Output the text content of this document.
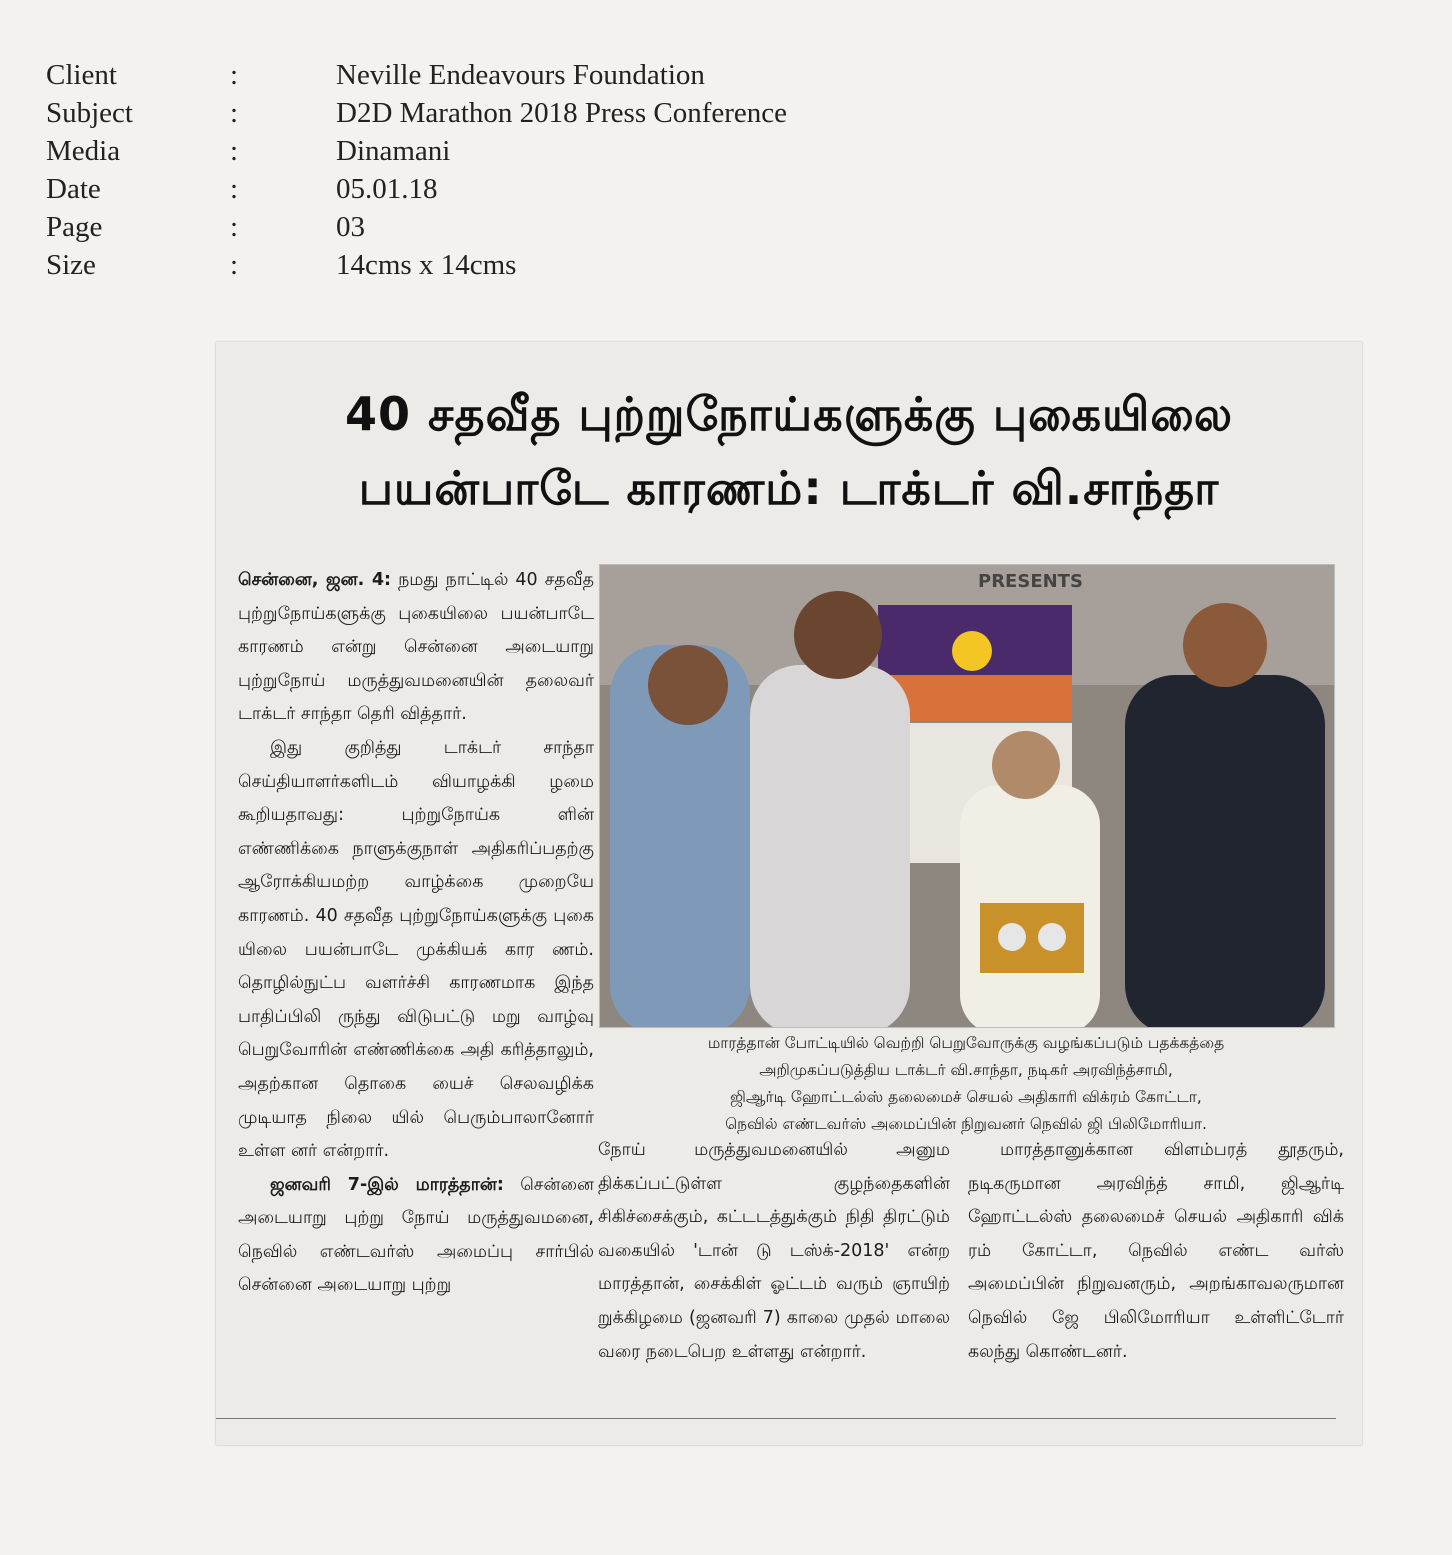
Client	:	Neville Endeavours Foundation
Subject	:	D2D Marathon 2018 Press Conference
Media	:	Dinamani
Date	:	05.01.18
Page	:	03
Size	:	14cms x 14cms
40 சதவீத புற்றுநோய்களுக்கு புகையிலை
பயன்பாடே காரணம்: டாக்டர் வி.சாந்தா

சென்னை, ஜன. 4: நமது நாட்டில் 40 சதவீத புற்றுநோய்களுக்கு புகையிலை பயன்பாடே காரணம் என்று சென்னை அடையாறு புற்றுநோய் மருத்துவமனையின் தலைவர் டாக்டர் சாந்தா தெரி வித்தார்.

இது குறித்து டாக்டர் சாந்தா செய்தியாளர்களிடம் வியாழக்கி ழமை கூறியதாவது: புற்றுநோய்க ளின் எண்ணிக்கை நாளுக்குநாள் அதிகரிப்பதற்கு ஆரோக்கியமற்ற வாழ்க்கை முறையே காரணம். 40 சதவீத புற்றுநோய்களுக்கு புகை யிலை பயன்பாடே முக்கியக் கார ணம். தொழில்நுட்ப வளர்ச்சி காரணமாக இந்த பாதிப்பிலி ருந்து விடுபட்டு மறு வாழ்வு பெறுவோரின் எண்ணிக்கை அதி கரித்தாலும், அதற்கான தொகை யைச் செலவழிக்க முடியாத நிலை யில் பெரும்பாலானோர் உள்ள னர் என்றார்.

ஜனவரி 7-இல் மாரத்தான்: சென்னை அடையாறு புற்று நோய் மருத்துவமனை, நெவில் எண்டவர்ஸ் அமைப்பு சார்பில் சென்னை அடையாறு புற்று

PRESENTS
மாரத்தான் போட்டியில் வெற்றி பெறுவோருக்கு வழங்கப்படும் பதக்கத்தை
அறிமுகப்படுத்திய டாக்டர் வி.சாந்தா, நடிகர் அரவிந்த்சாமி,
ஜிஆர்டி ஹோட்டல்ஸ் தலைமைச் செயல் அதிகாரி விக்ரம் கோட்டா,
நெவில் எண்டவர்ஸ் அமைப்பின் நிறுவனர் நெவில் ஜி பிலிமோரியா.

நோய் மருத்துவமனையில் அனும திக்கப்பட்டுள்ள குழந்தைகளின் சிகிச்சைக்கும், கட்டடத்துக்கும் நிதி திரட்டும் வகையில் 'டான் டு டஸ்க்-2018' என்ற மாரத்தான், சைக்கிள் ஓட்டம் வரும் ஞாயிற் றுக்கிழமை (ஜனவரி 7) காலை முதல் மாலை வரை நடைபெற உள்ளது என்றார்.

மாரத்தானுக்கான விளம்பரத் தூதரும், நடிகருமான அரவிந்த் சாமி, ஜிஆர்டி ஹோட்டல்ஸ் தலைமைச் செயல் அதிகாரி விக் ரம் கோட்டா, நெவில் எண்ட வர்ஸ் அமைப்பின் நிறுவனரும், அறங்காவலருமான நெவில் ஜே பிலிமோரியா உள்ளிட்டோர் கலந்து கொண்டனர்.
